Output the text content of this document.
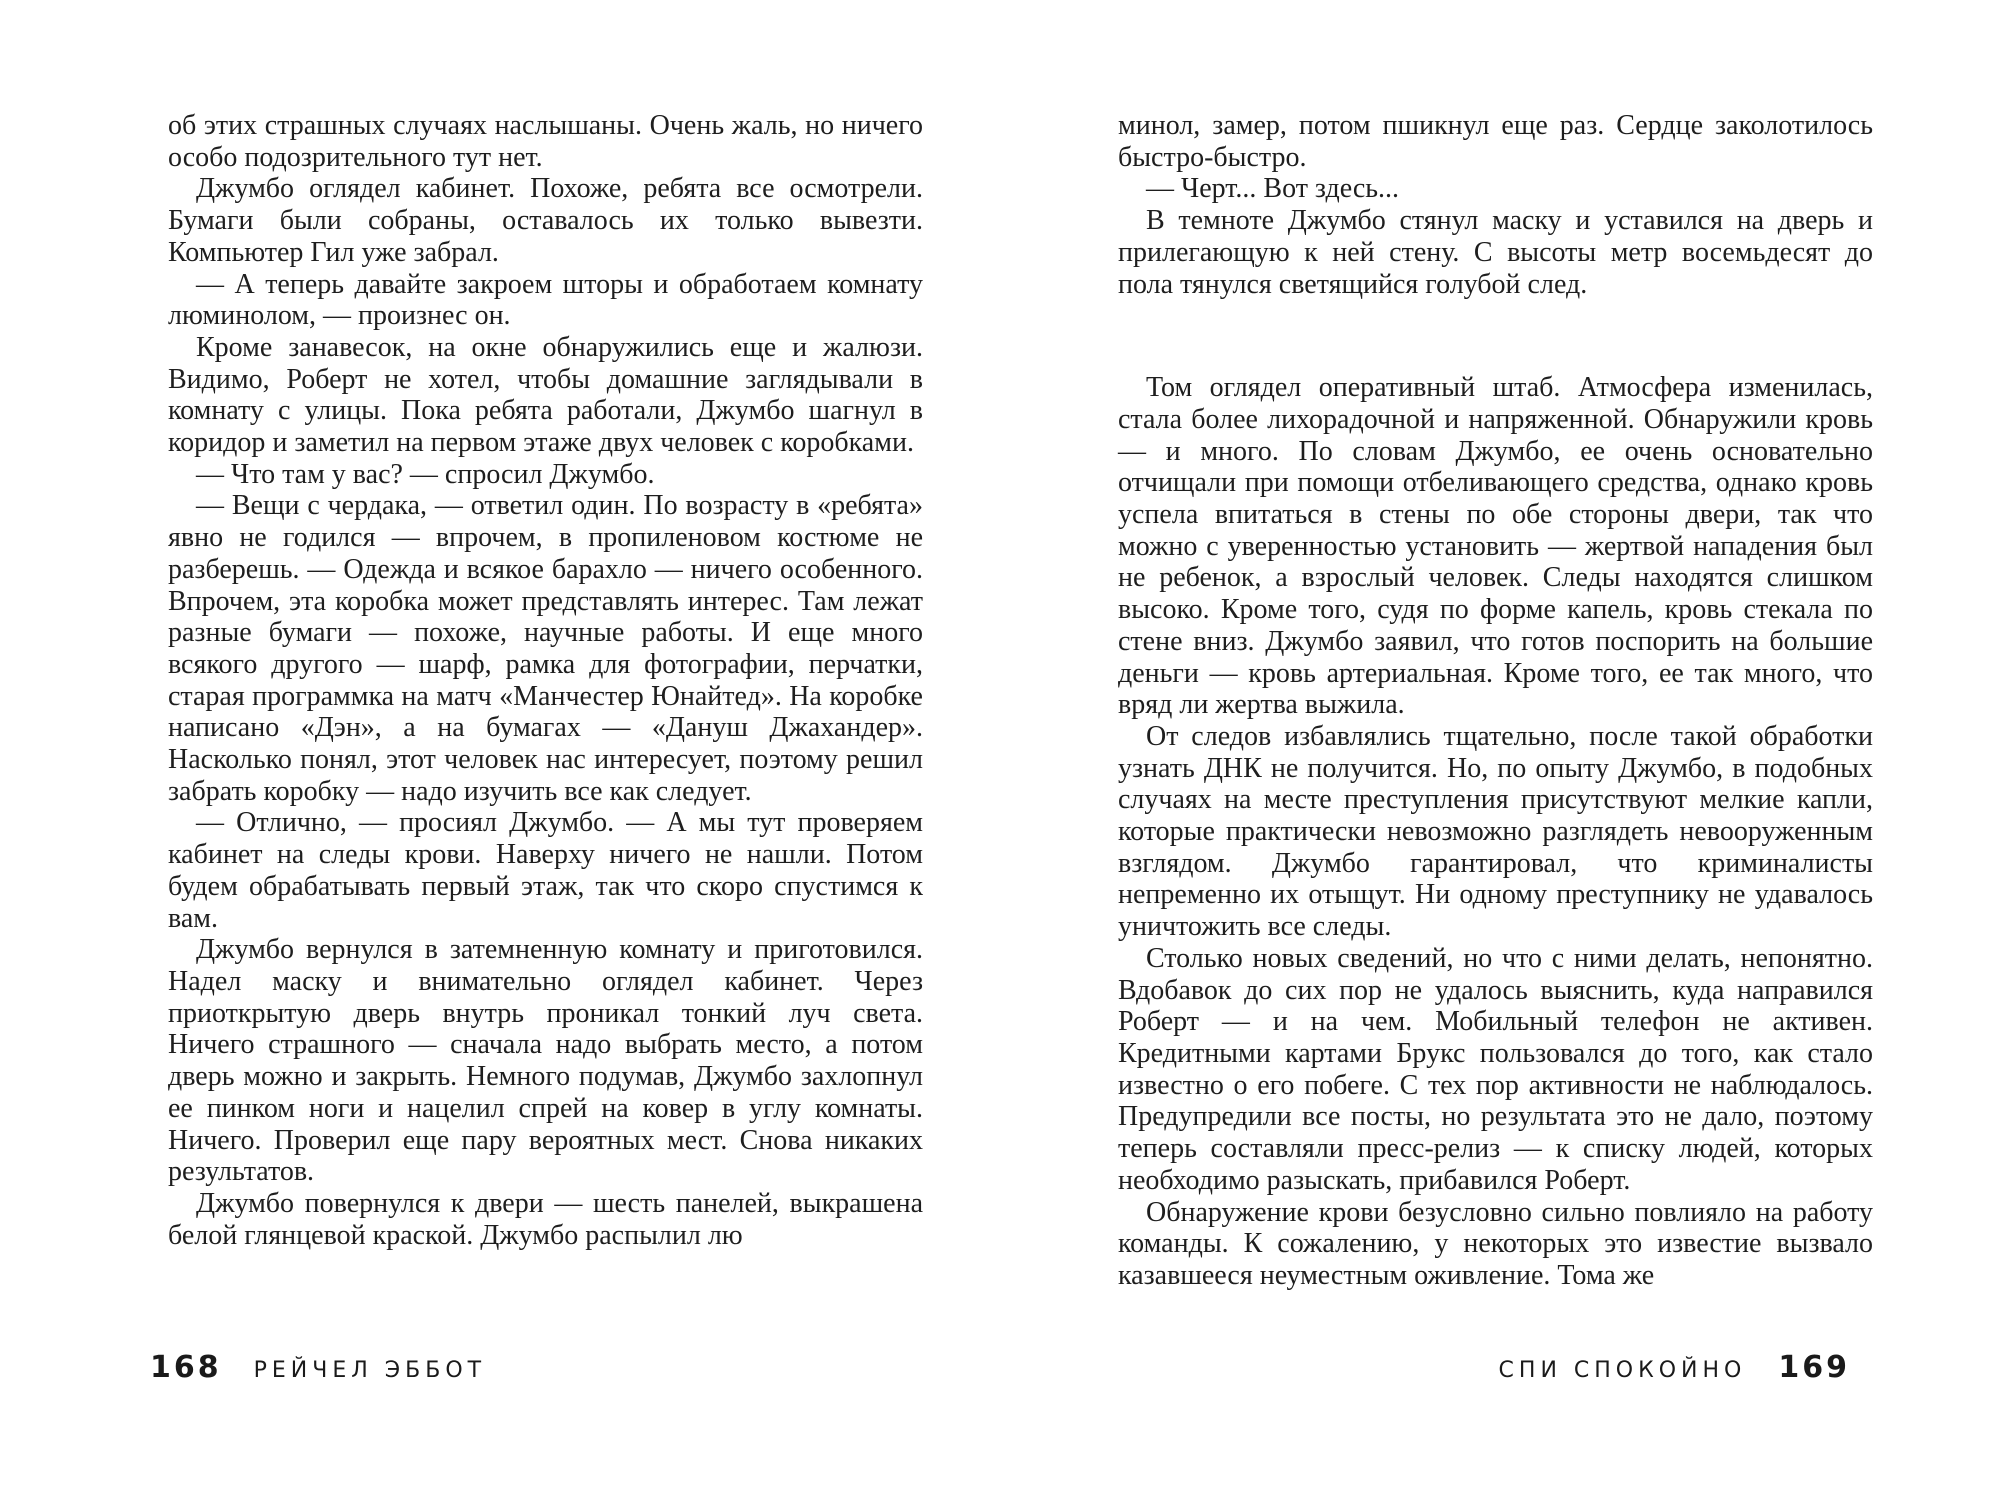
об этих страшных случаях наслышаны. Очень жаль, но ничего особо подозрительного тут нет.

Джумбо оглядел кабинет. Похоже, ребята все осмотрели. Бумаги были собраны, оставалось их только вывезти. Компьютер Гил уже забрал.

— А теперь давайте закроем шторы и обработаем комнату люминолом, — произнес он.

Кроме занавесок, на окне обнаружились еще и жалюзи. Видимо, Роберт не хотел, чтобы домашние заглядывали в комнату с улицы. Пока ребята работали, Джумбо шагнул в коридор и заметил на первом этаже двух человек с коробками.

— Что там у вас? — спросил Джумбо.

— Вещи с чердака, — ответил один. По возрасту в «ребята» явно не годился — впрочем, в пропиленовом костюме не разберешь. — Одежда и всякое барахло — ничего особенного. Впрочем, эта коробка может представлять интерес. Там лежат разные бумаги — похоже, научные работы. И еще много всякого другого — шарф, рамка для фотографии, перчатки, старая программка на матч «Манчестер Юнайтед». На коробке написано «Дэн», а на бумагах — «Дануш Джахандер». Насколько понял, этот человек нас интересует, поэтому решил забрать коробку — надо изучить все как следует.

— Отлично, — просиял Джумбо. — А мы тут проверяем кабинет на следы крови. Наверху ничего не нашли. Потом будем обрабатывать первый этаж, так что скоро спустимся к вам.

Джумбо вернулся в затемненную комнату и приготовился. Надел маску и внимательно оглядел кабинет. Через приоткрытую дверь внутрь проникал тонкий луч света. Ничего страшного — сначала надо выбрать место, а потом дверь можно и закрыть. Немного подумав, Джумбо захлопнул ее пинком ноги и нацелил спрей на ковер в углу комнаты. Ничего. Проверил еще пару вероятных мест. Снова никаких результатов.

Джумбо повернулся к двери — шесть панелей, выкрашена белой глянцевой краской. Джумбо распылил лю

минол, замер, потом пшикнул еще раз. Сердце заколотилось быстро-быстро.

— Черт... Вот здесь...

В темноте Джумбо стянул маску и уставился на дверь и прилегающую к ней стену. С высоты метр восемьдесят до пола тянулся светящийся голубой след.

Том оглядел оперативный штаб. Атмосфера изменилась, стала более лихорадочной и напряженной. Обнаружили кровь — и много. По словам Джумбо, ее очень основательно отчищали при помощи отбеливающего средства, однако кровь успела впитаться в стены по обе стороны двери, так что можно с уверенностью установить — жертвой нападения был не ребенок, а взрослый человек. Следы находятся слишком высоко. Кроме того, судя по форме капель, кровь стекала по стене вниз. Джумбо заявил, что готов поспорить на большие деньги — кровь артериальная. Кроме того, ее так много, что вряд ли жертва выжила.

От следов избавлялись тщательно, после такой обработки узнать ДНК не получится. Но, по опыту Джумбо, в подобных случаях на месте преступления присутствуют мелкие капли, которые практически невозможно разглядеть невооруженным взглядом. Джумбо гарантировал, что криминалисты непременно их отыщут. Ни одному преступнику не удавалось уничтожить все следы.

Столько новых сведений, но что с ними делать, непонятно. Вдобавок до сих пор не удалось выяснить, куда направился Роберт — и на чем. Мобильный телефон не активен. Кредитными картами Брукс пользовался до того, как стало известно о его побеге. С тех пор активности не наблюдалось. Предупредили все посты, но результата это не дало, поэтому теперь составляли пресс-релиз — к списку людей, которых необходимо разыскать, прибавился Роберт.

Обнаружение крови безусловно сильно повлияло на работу команды. К сожалению, у некоторых это известие вызвало казавшееся неуместным оживление. Тома же

168 РЕЙЧЕЛ ЭББОТ	СПИ СПОКОЙНО 169
